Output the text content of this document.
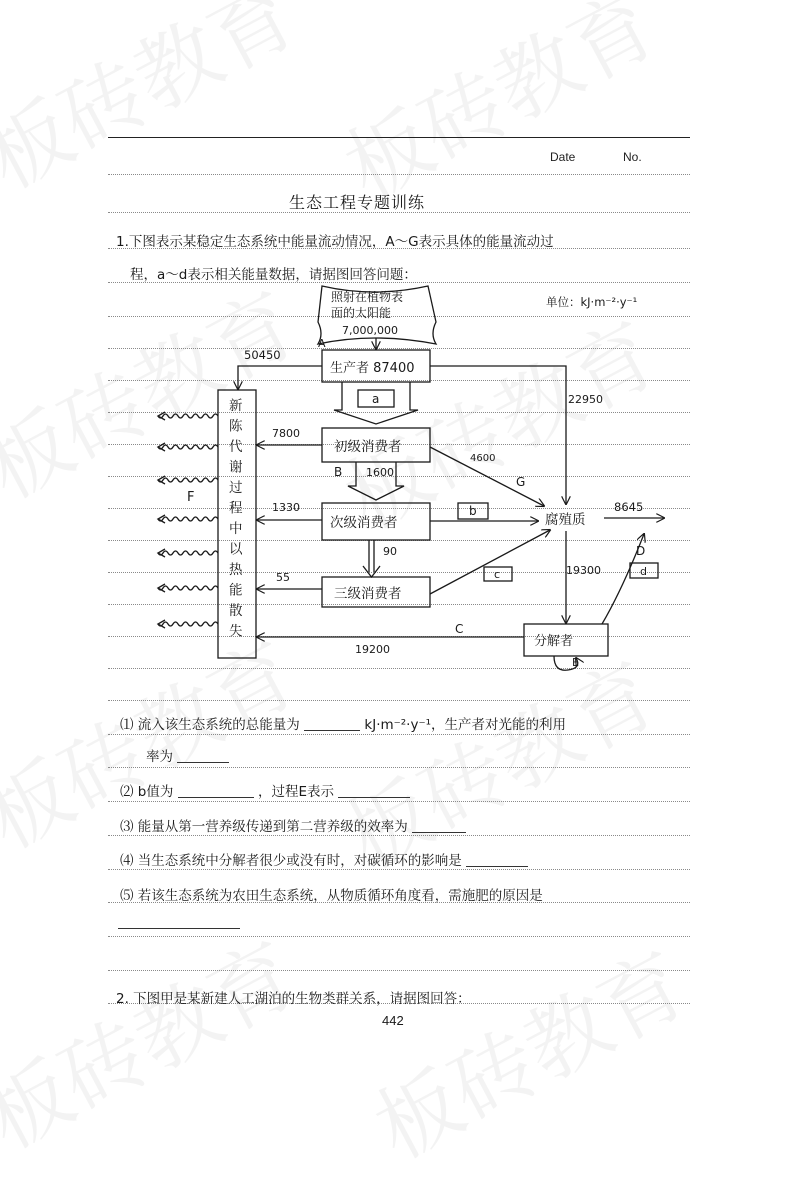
Date	No.
生态工程专题训练
1.下图表示某稳定生态系统中能量流动情况，A～G表示具体的能量流动过
程，a～d表示相关能量数据，请据图回答问题：
照射在植物表
面的太阳能
7,000,000
A
生产者 87400
初级消费者
次级消费者
三级消费者
腐殖质
分解者
新
陈
代
谢
过
程
中
以
热
能
散
失
a
b
c	d
B
C
D
E
F
G
50450
22950
7800
1600
4600
1330
90
55
8645
19300
19200
单位：kJ·m⁻²·y⁻¹
⑴ 流入该生态系统的总能量为	kJ·m⁻²·y⁻¹，生产者对光能的利用
率为
⑵ b值为	，过程E表示
⑶ 能量从第一营养级传递到第二营养级的效率为
⑷ 当生态系统中分解者很少或没有时，对碳循环的影响是
⑸ 若该生态系统为农田生态系统，从物质循环角度看，需施肥的原因是
2. 下图甲是某新建人工湖泊的生物类群关系，请据图回答：
442
